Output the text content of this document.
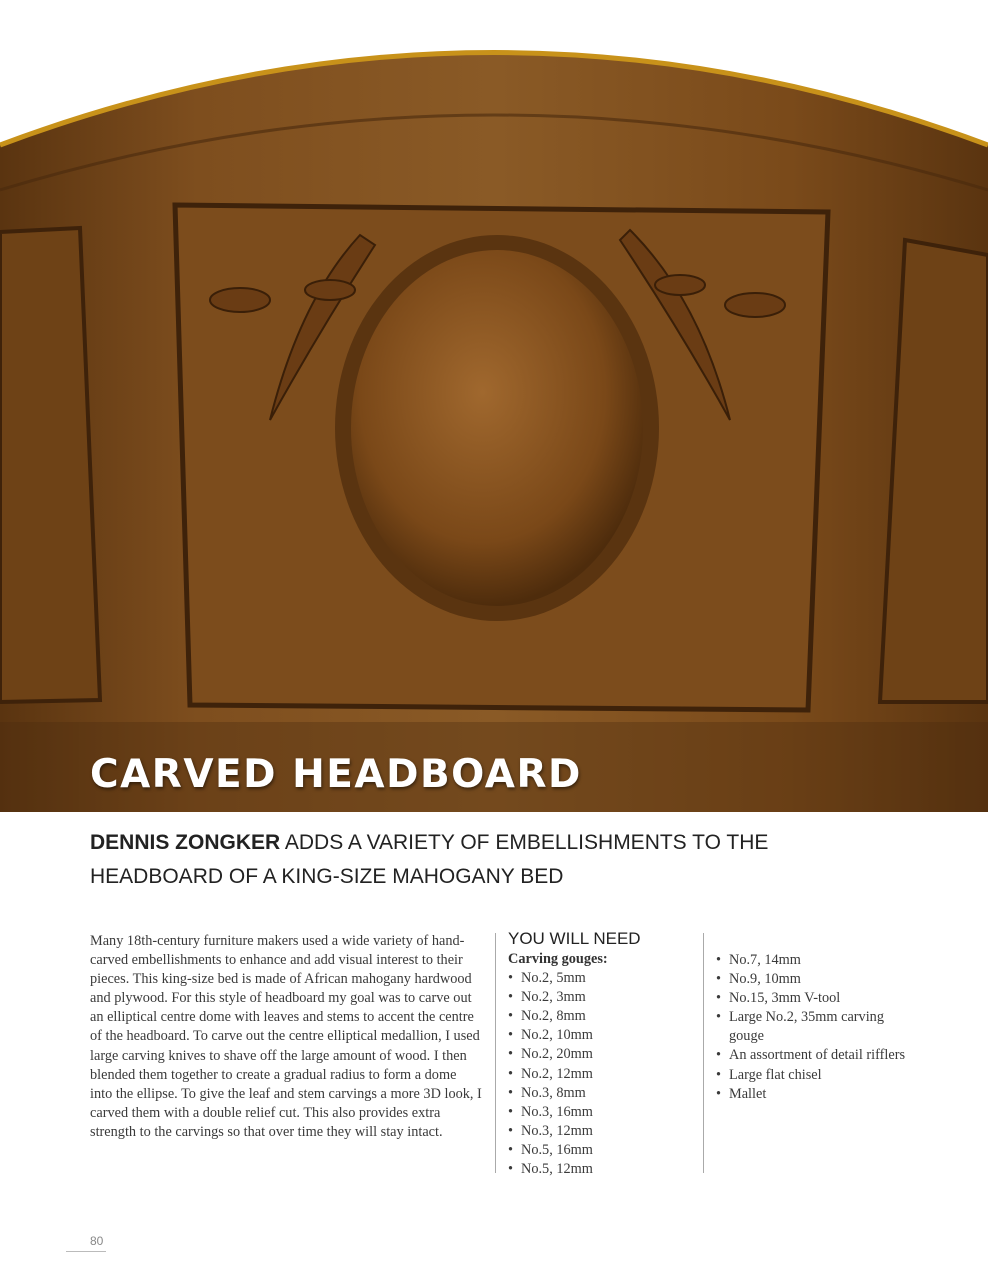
CARVED HEADBOARD
DENNIS ZONGKER ADDS A VARIETY OF EMBELLISHMENTS TO THE HEADBOARD OF A KING-SIZE MAHOGANY BED

Many 18th-century furniture makers used a wide variety of hand-carved embellishments to enhance and add visual interest to their pieces. This king-size bed is made of African mahogany hardwood and plywood. For this style of headboard my goal was to carve out an elliptical centre dome with leaves and stems to accent the centre of the headboard. To carve out the centre elliptical medallion, I used large carving knives to shave off the large amount of wood. I then blended them together to create a gradual radius to form a dome into the ellipse. To give the leaf and stem carvings a more 3D look, I carved them with a double relief cut. This also provides extra strength to the carvings so that over time they will stay intact.

YOU WILL NEED
Carving gouges:
• No.2, 5mm
• No.2, 3mm
• No.2, 8mm
• No.2, 10mm
• No.2, 20mm
• No.2, 12mm
• No.3, 8mm
• No.3, 16mm
• No.3, 12mm
• No.5, 16mm
• No.5, 12mm
• No.7, 14mm
• No.9, 10mm
• No.15, 3mm V-tool
• Large No.2, 35mm carving gouge
• An assortment of detail rifflers
• Large flat chisel
• Mallet
80
